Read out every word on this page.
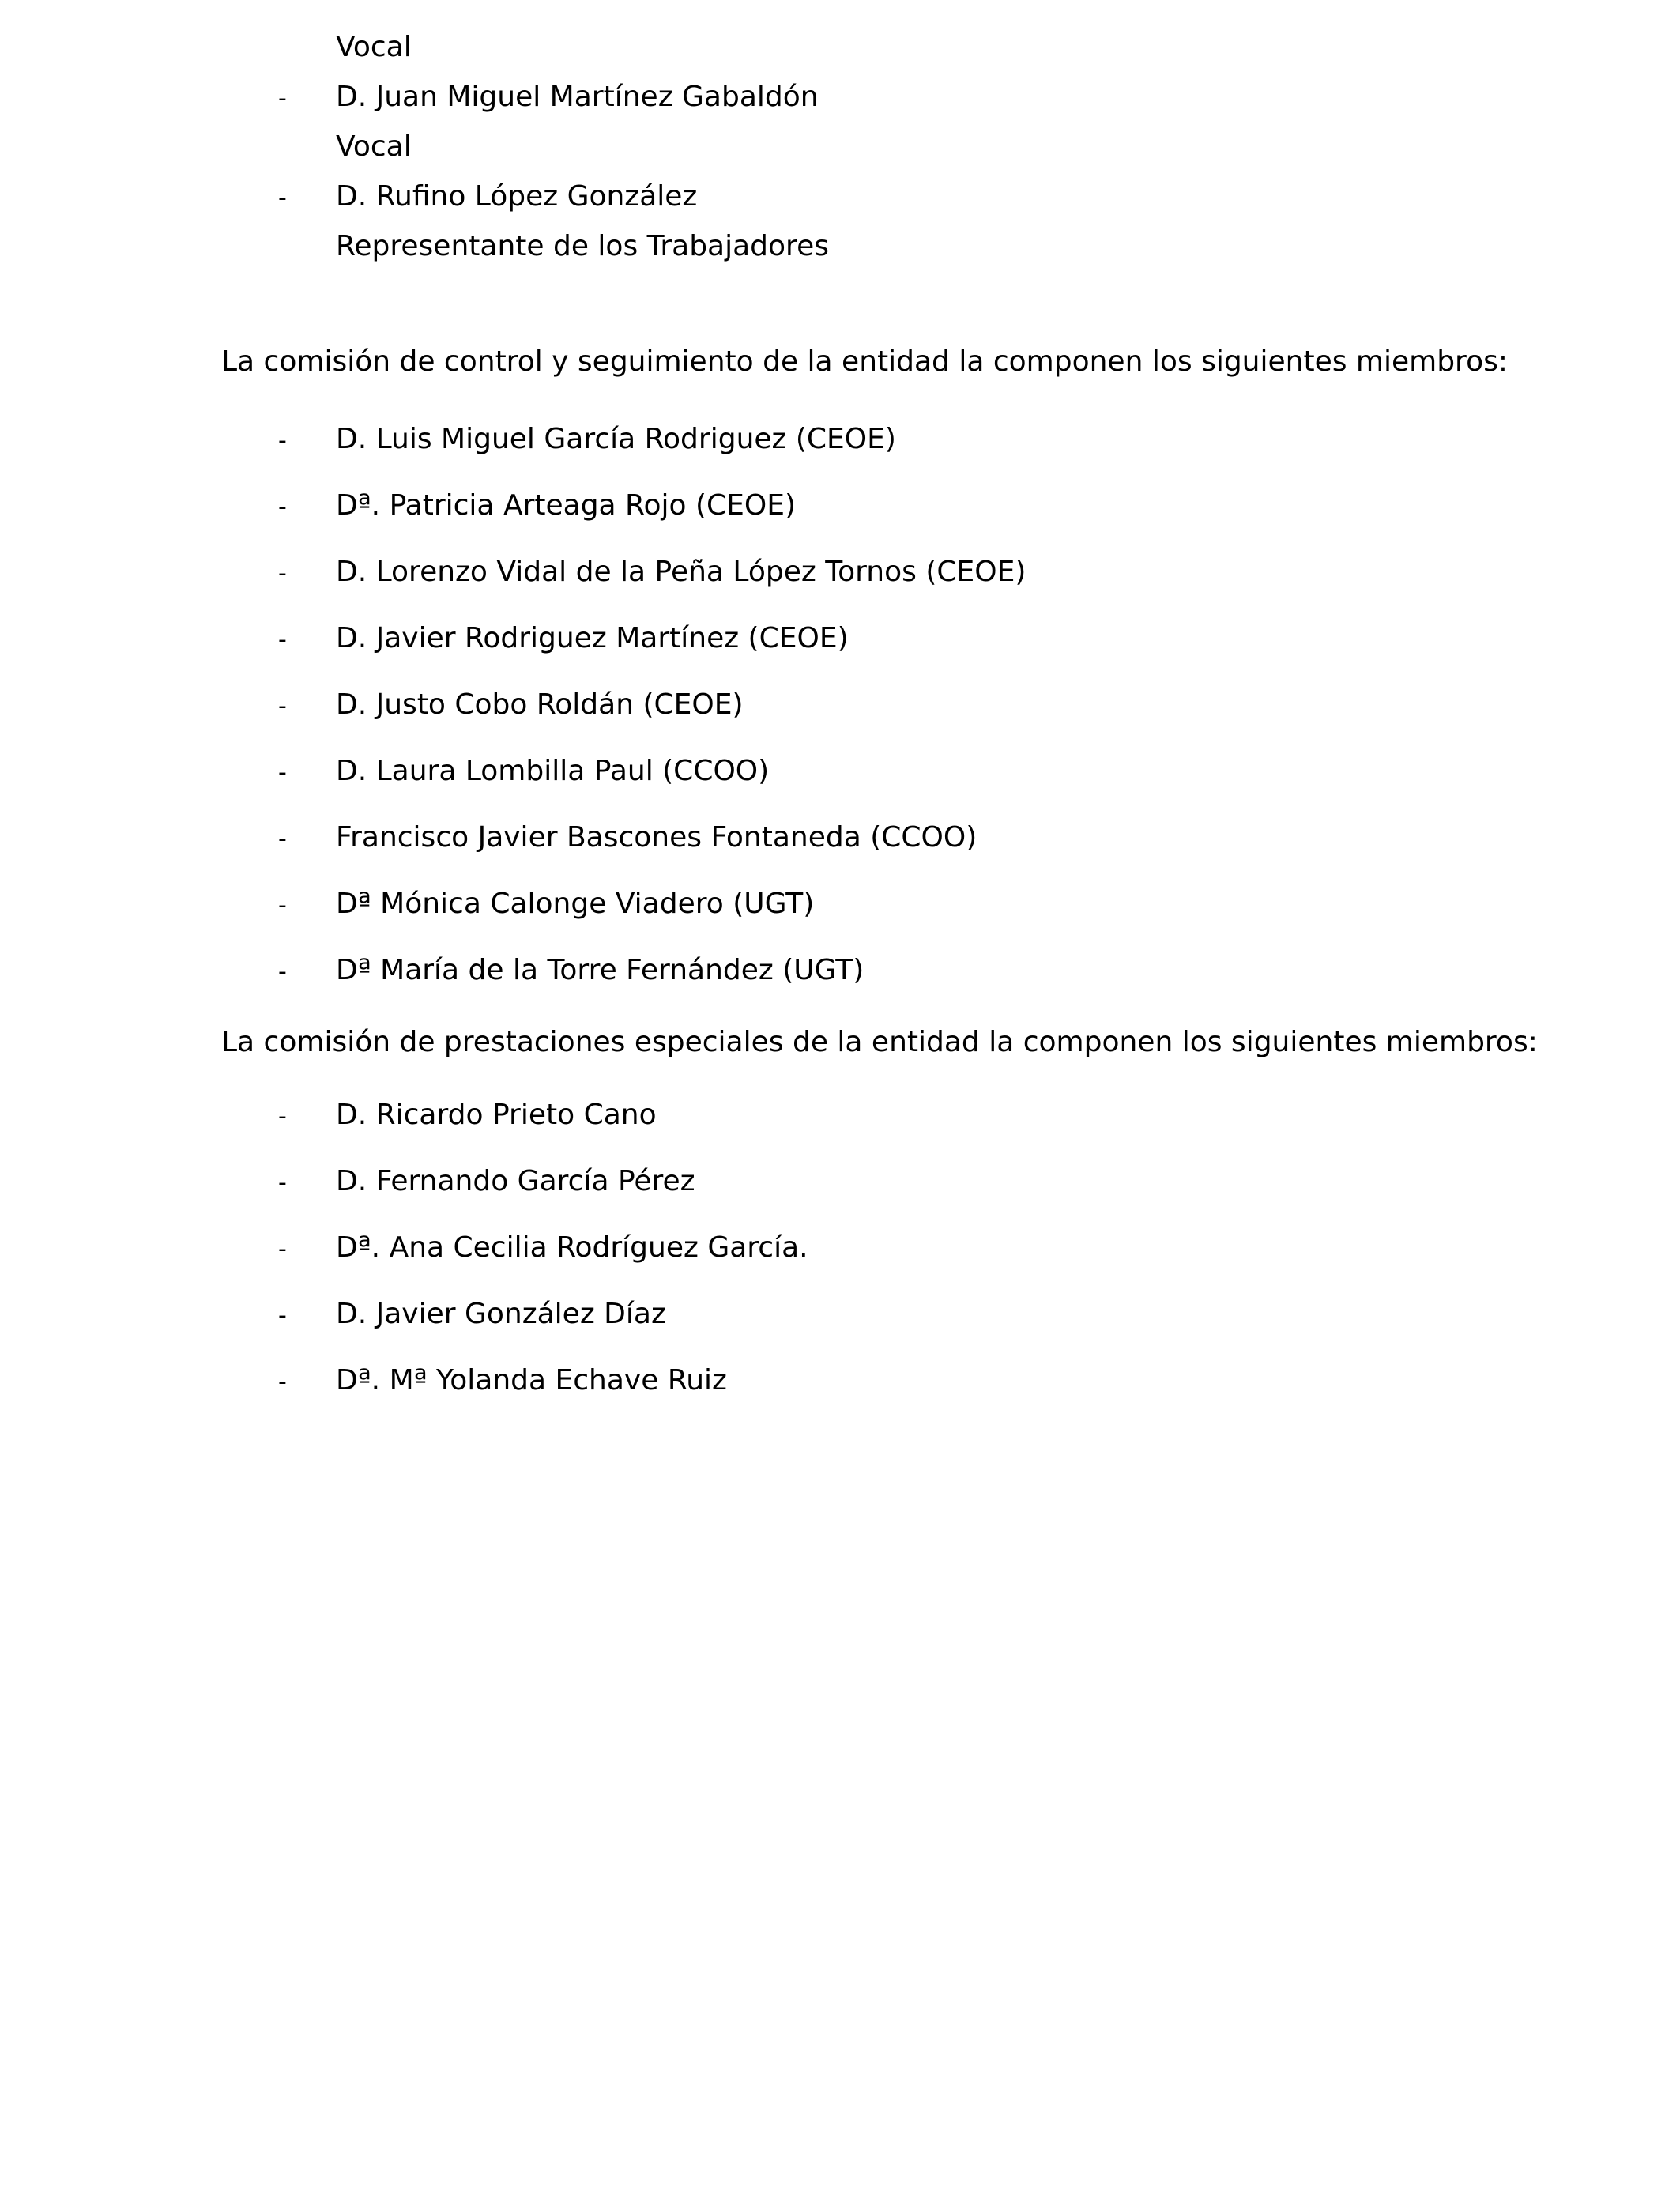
Vocal
- D. Juan Miguel Martínez Gabaldón
Vocal
- D. Rufino López González
Representante de los Trabajadores
La comisión de control y seguimiento de la entidad la componen los siguientes miembros:
- D. Luis Miguel García Rodriguez (CEOE)
- Dª. Patricia Arteaga Rojo (CEOE)
- D. Lorenzo Vidal de la Peña López Tornos (CEOE)
- D. Javier Rodriguez Martínez (CEOE)
- D. Justo Cobo Roldán (CEOE)
- D. Laura Lombilla Paul (CCOO)
- Francisco Javier Bascones Fontaneda (CCOO)
- Dª Mónica Calonge Viadero (UGT)
- Dª María de la Torre Fernández (UGT)
La comisión de prestaciones especiales de la entidad la componen los siguientes miembros:
- D. Ricardo Prieto Cano
- D. Fernando García Pérez
- Dª. Ana Cecilia Rodríguez García.
- D. Javier González Díaz
- Dª. Mª Yolanda Echave Ruiz
